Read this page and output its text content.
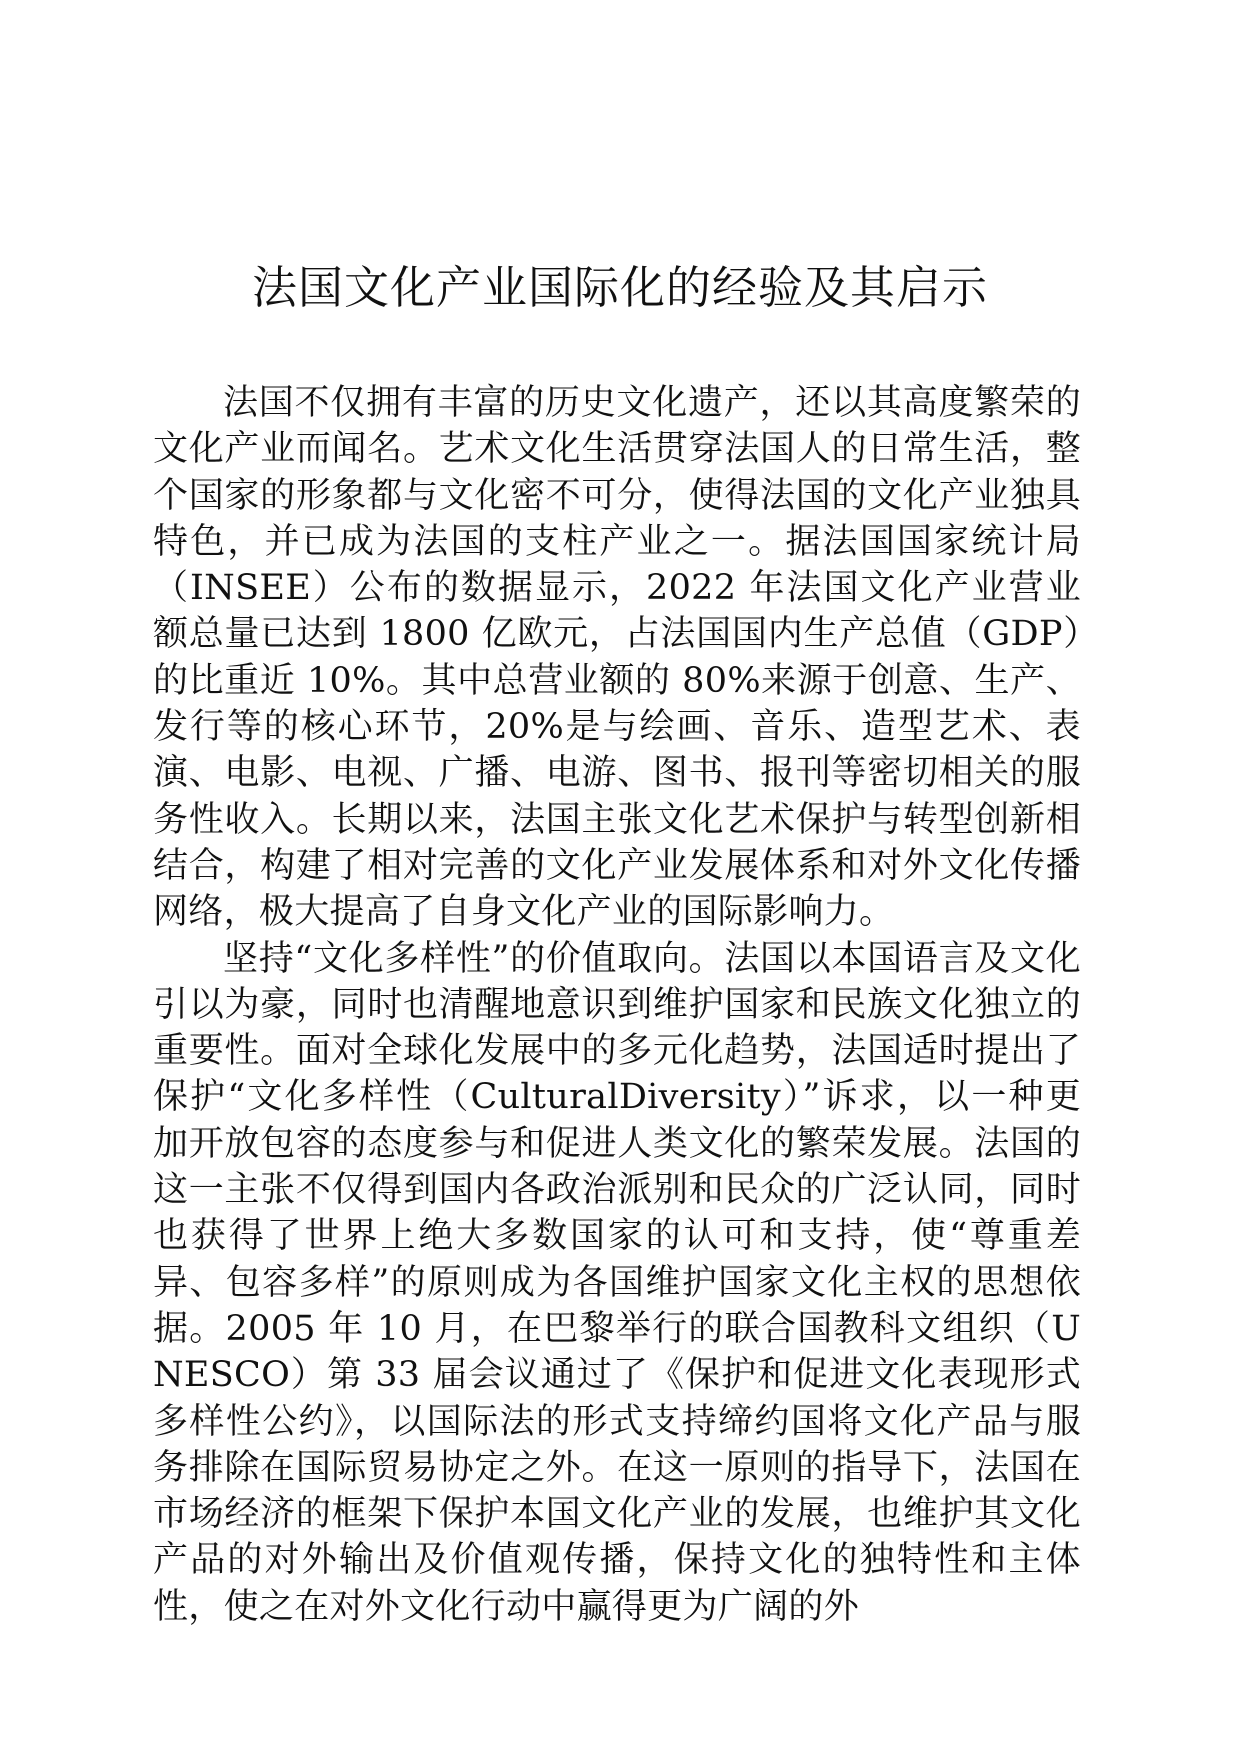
法国文化产业国际化的经验及其启示

法国不仅拥有丰富的历史文化遗产，还以其高度繁荣的文化产业而闻名。艺术文化生活贯穿法国人的日常生活，整个国家的形象都与文化密不可分，使得法国的文化产业独具特色，并已成为法国的支柱产业之一。据法国国家统计局（INSEE）公布的数据显示，2022 年法国文化产业营业额总量已达到 1800 亿欧元，占法国国内生产总值（GDP）的比重近 10%。其中总营业额的 80%来源于创意、生产、发行等的核心环节，20%是与绘画、音乐、造型艺术、表演、电影、电视、广播、电游、图书、报刊等密切相关的服务性收入。长期以来，法国主张文化艺术保护与转型创新相结合，构建了相对完善的文化产业发展体系和对外文化传播网络，极大提高了自身文化产业的国际影响力。

坚持“文化多样性”的价值取向。法国以本国语言及文化引以为豪，同时也清醒地意识到维护国家和民族文化独立的重要性。面对全球化发展中的多元化趋势，法国适时提出了保护“文化多样性（CulturalDiversity）”诉求，以一种更加开放包容的态度参与和促进人类文化的繁荣发展。法国的这一主张不仅得到国内各政治派别和民众的广泛认同，同时也获得了世界上绝大多数国家的认可和支持，使“尊重差异、包容多样”的原则成为各国维护国家文化主权的思想依据。2005 年 10 月，在巴黎举行的联合国教科文组织（UNESCO）第 33 届会议通过了《保护和促进文化表现形式多样性公约》，以国际法的形式支持缔约国将文化产品与服务排除在国际贸易协定之外。在这一原则的指导下，法国在市场经济的框架下保护本国文化产业的发展，也维护其文化产品的对外输出及价值观传播，保持文化的独特性和主体性，使之在对外文化行动中赢得更为广阔的外
